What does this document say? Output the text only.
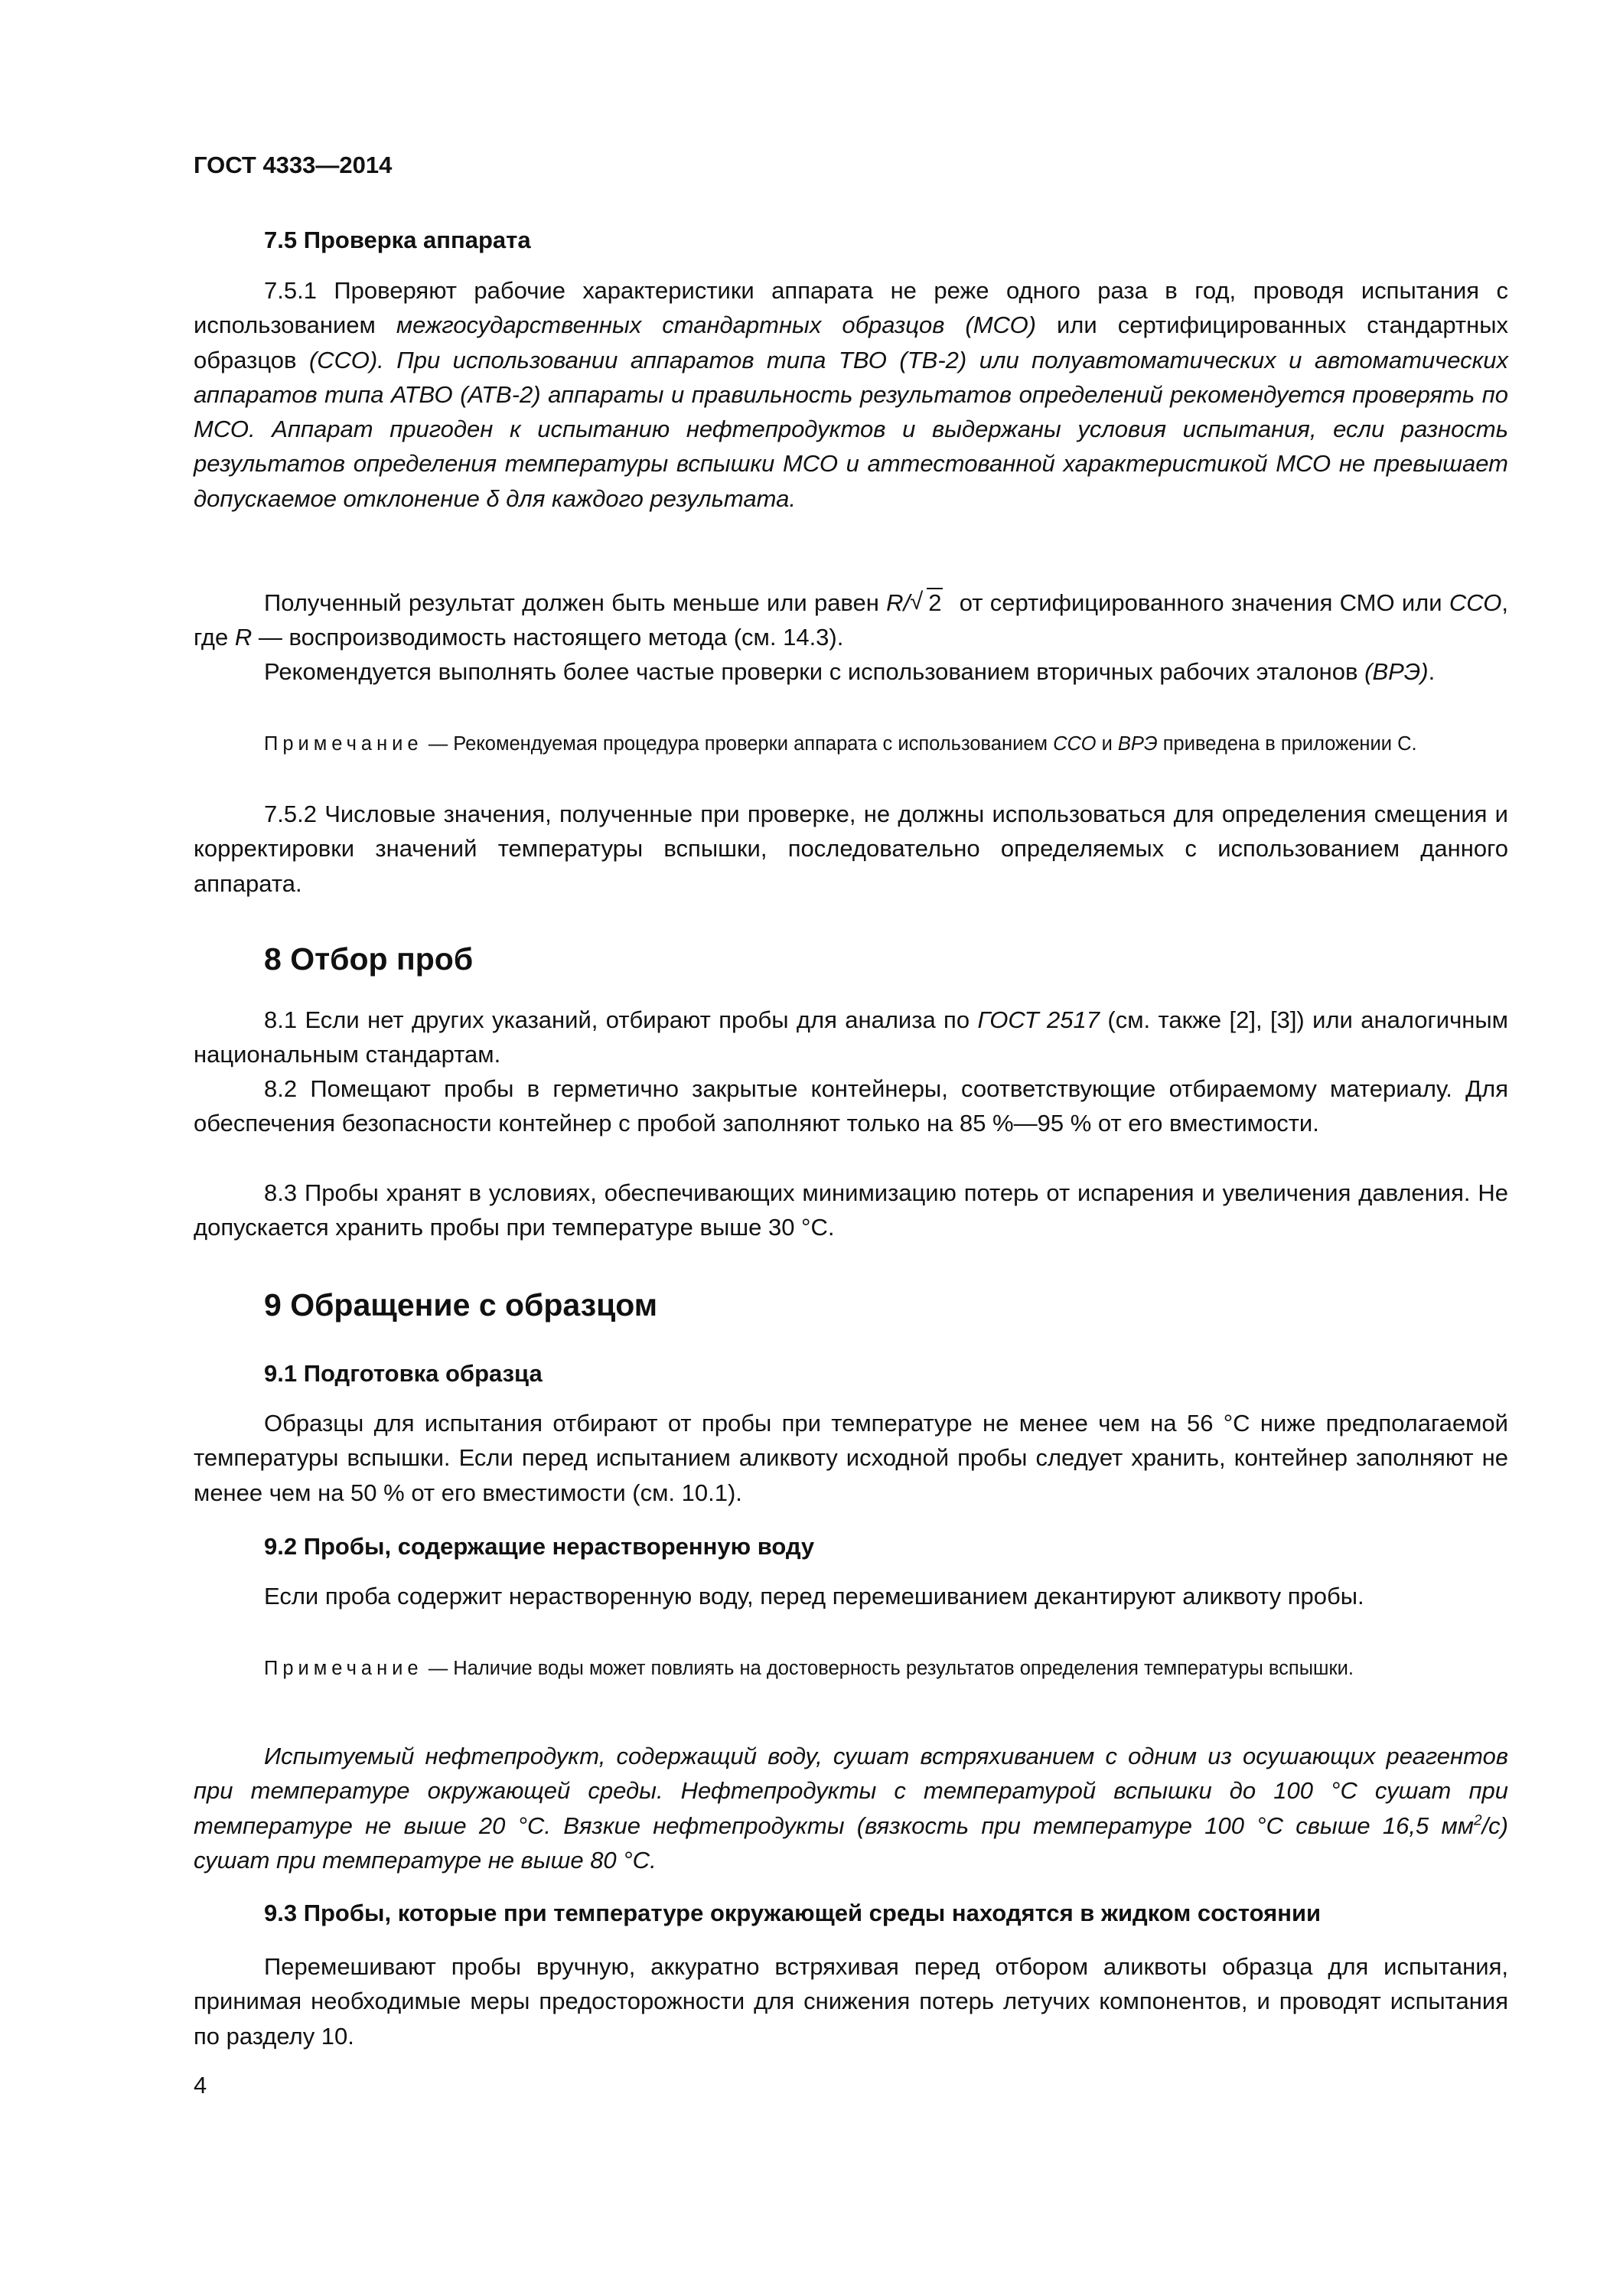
ГОСТ 4333—2014
7.5 Проверка аппарата
7.5.1 Проверяют рабочие характеристики аппарата не реже одного раза в год, проводя испытания с использованием межгосударственных стандартных образцов (МСО) или сертифицированных стандартных образцов (ССО). При использовании аппаратов типа ТВО (ТВ-2) или полуавтоматических и автоматических аппаратов типа АТВО (АТВ-2) аппараты и правильность результатов определений рекомендуется проверять по МСО. Аппарат пригоден к испытанию нефтепродуктов и выдержаны условия испытания, если разность результатов определения температуры вспышки МСО и аттестованной характеристикой МСО не превышает допускаемое отклонение δ для каждого результата.
Полученный результат должен быть меньше или равен R/ √ 2 от сертифицированного значения СМО или ССО, где R — воспроизводимость настоящего метода (см. 14.3).
Рекомендуется выполнять более частые проверки с использованием вторичных рабочих эталонов (ВРЭ).
Примечание — Рекомендуемая процедура проверки аппарата с использованием ССО и ВРЭ приведена в приложении С.
7.5.2 Числовые значения, полученные при проверке, не должны использоваться для определения смещения и корректировки значений температуры вспышки, последовательно определяемых с использованием данного аппарата.
8 Отбор проб
8.1 Если нет других указаний, отбирают пробы для анализа по ГОСТ 2517 (см. также [2], [3]) или аналогичным национальным стандартам.
8.2 Помещают пробы в герметично закрытые контейнеры, соответствующие отбираемому материалу. Для обеспечения безопасности контейнер с пробой заполняют только на 85 %—95 % от его вместимости.
8.3 Пробы хранят в условиях, обеспечивающих минимизацию потерь от испарения и увеличения давления. Не допускается хранить пробы при температуре выше 30 °С.
9 Обращение с образцом
9.1 Подготовка образца
Образцы для испытания отбирают от пробы при температуре не менее чем на 56 °С ниже предполагаемой температуры вспышки. Если перед испытанием аликвоту исходной пробы следует хранить, контейнер заполняют не менее чем на 50 % от его вместимости (см. 10.1).
9.2 Пробы, содержащие нерастворенную воду
Если проба содержит нерастворенную воду, перед перемешиванием декантируют аликвоту пробы.
Примечание — Наличие воды может повлиять на достоверность результатов определения температуры вспышки.
Испытуемый нефтепродукт, содержащий воду, сушат встряхиванием с одним из осушающих реагентов при температуре окружающей среды. Нефтепродукты с температурой вспышки до 100 °С сушат при температуре не выше 20 °С. Вязкие нефтепродукты (вязкость при температуре 100 °С свыше 16,5 $мм^2/с$) сушат при температуре не выше 80 °С.
9.3 Пробы, которые при температуре окружающей среды находятся в жидком состоянии
Перемешивают пробы вручную, аккуратно встряхивая перед отбором аликвоты образца для испытания, принимая необходимые меры предосторожности для снижения потерь летучих компонентов, и проводят испытания по разделу 10.
4
